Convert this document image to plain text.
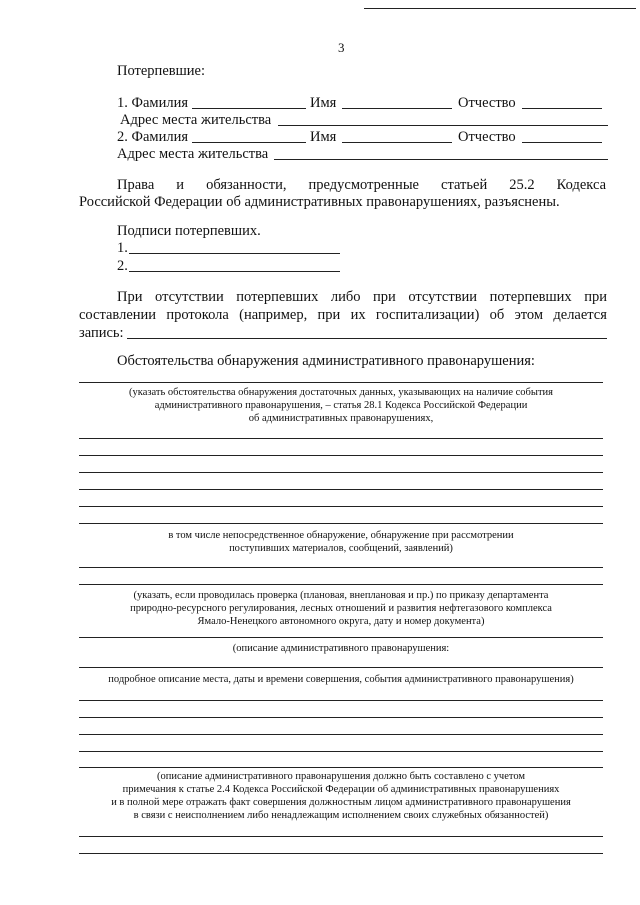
3
Потерпевшие:
1. Фамилия	Имя	Отчество
Адрес места жительства
2. Фамилия	Имя	Отчество
Адрес места жительства
Права и обязанности, предусмотренные статьей 25.2 Кодекса
Российской Федерации об административных правонарушениях, разъяснены.
Подписи потерпевших.
1.
2.
При отсутствии потерпевших либо при отсутствии потерпевших при
составлении протокола (например, при их госпитализации) об этом делается
запись:
Обстоятельства обнаружения административного правонарушения:
(указать обстоятельства обнаружения достаточных данных, указывающих на наличие события
административного правонарушения, – статья 28.1 Кодекса Российской Федерации
об административных правонарушениях,
в том числе непосредственное обнаружение, обнаружение при рассмотрении
поступивших материалов, сообщений, заявлений)
(указать, если проводилась проверка (плановая, внеплановая и пр.) по приказу департамента
природно-ресурсного регулирования, лесных отношений и развития нефтегазового комплекса
Ямало-Ненецкого автономного округа, дату и номер документа)
(описание административного правонарушения:
подробное описание места, даты и времени совершения, события административного правонарушения)
(описание административного правонарушения должно быть составлено с учетом
примечания к статье 2.4 Кодекса Российской Федерации об административных правонарушениях
и в полной мере отражать факт совершения должностным лицом административного правонарушения
в связи с неисполнением либо ненадлежащим исполнением своих служебных обязанностей)
